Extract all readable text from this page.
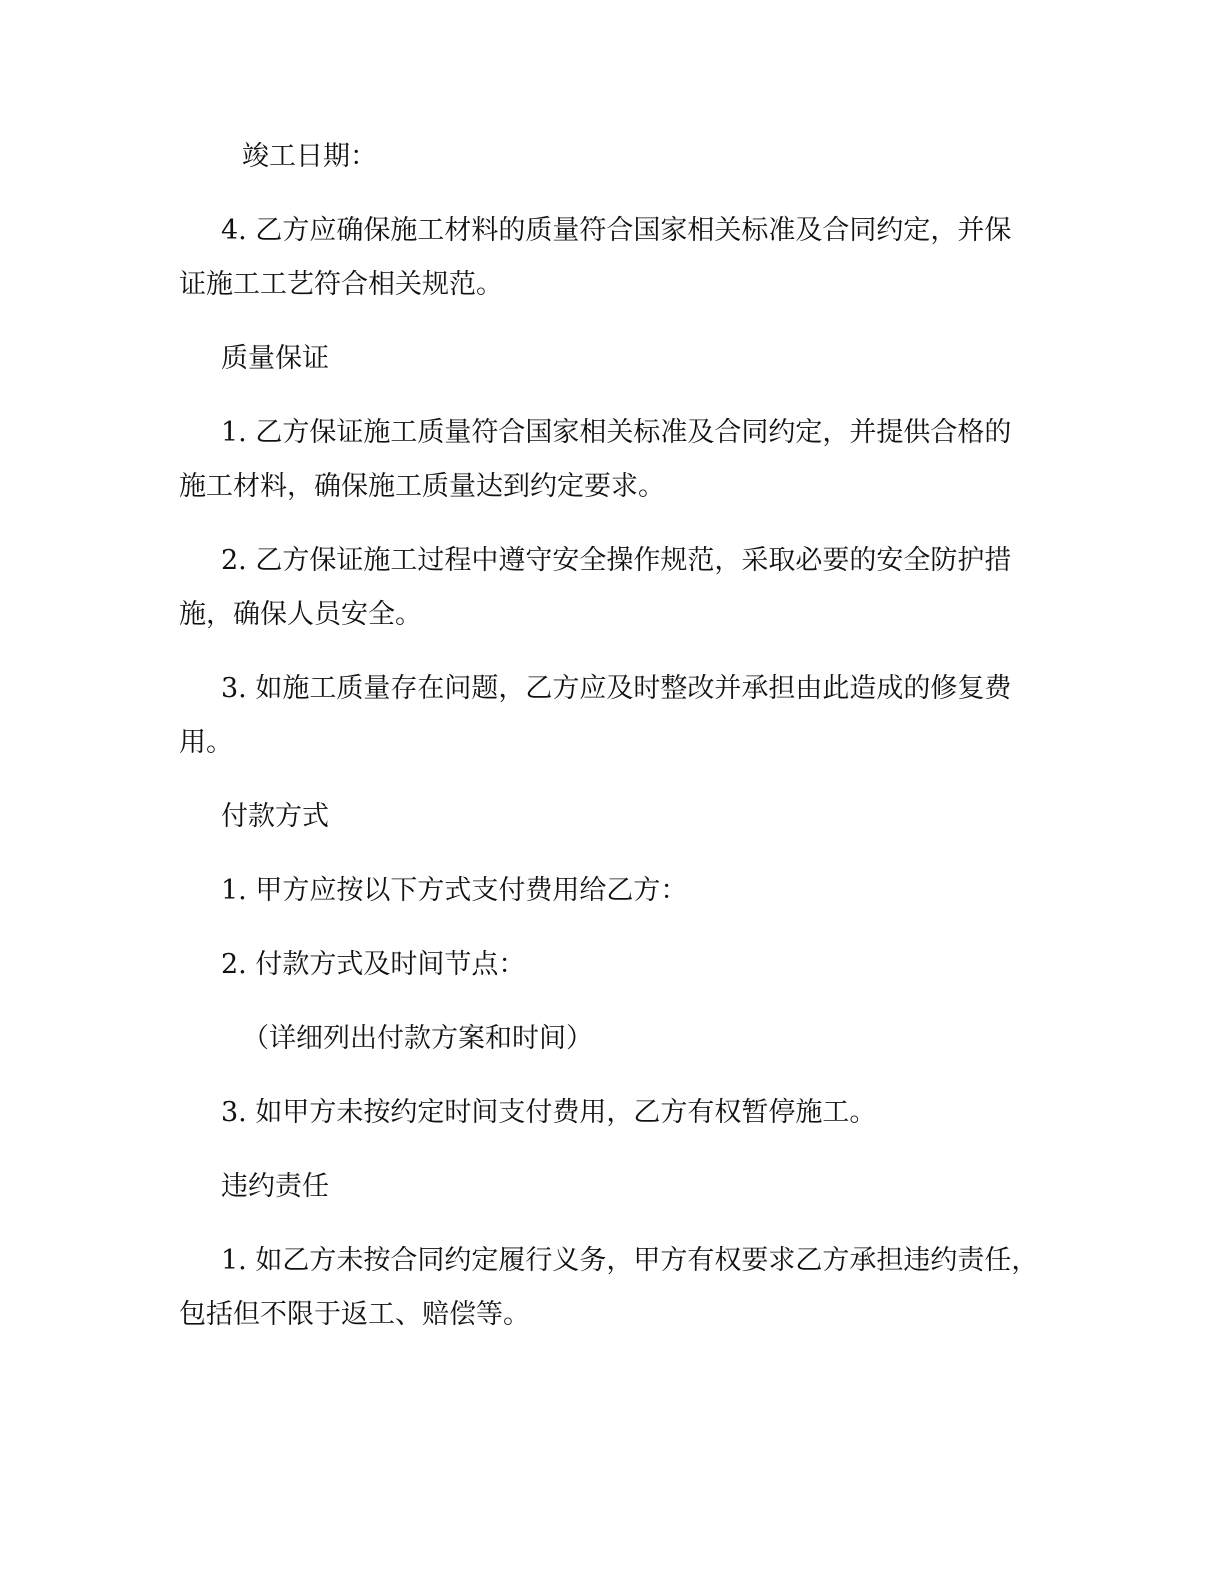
竣工日期：
4. 乙方应确保施工材料的质量符合国家相关标准及合同约定，并保
证施工工艺符合相关规范。
质量保证
1. 乙方保证施工质量符合国家相关标准及合同约定，并提供合格的
施工材料，确保施工质量达到约定要求。
2. 乙方保证施工过程中遵守安全操作规范，采取必要的安全防护措
施，确保人员安全。
3. 如施工质量存在问题，乙方应及时整改并承担由此造成的修复费
用。
付款方式
1. 甲方应按以下方式支付费用给乙方：
2. 付款方式及时间节点：
（详细列出付款方案和时间）
3. 如甲方未按约定时间支付费用，乙方有权暂停施工。
违约责任
1. 如乙方未按合同约定履行义务，甲方有权要求乙方承担违约责任，
包括但不限于返工、赔偿等。
